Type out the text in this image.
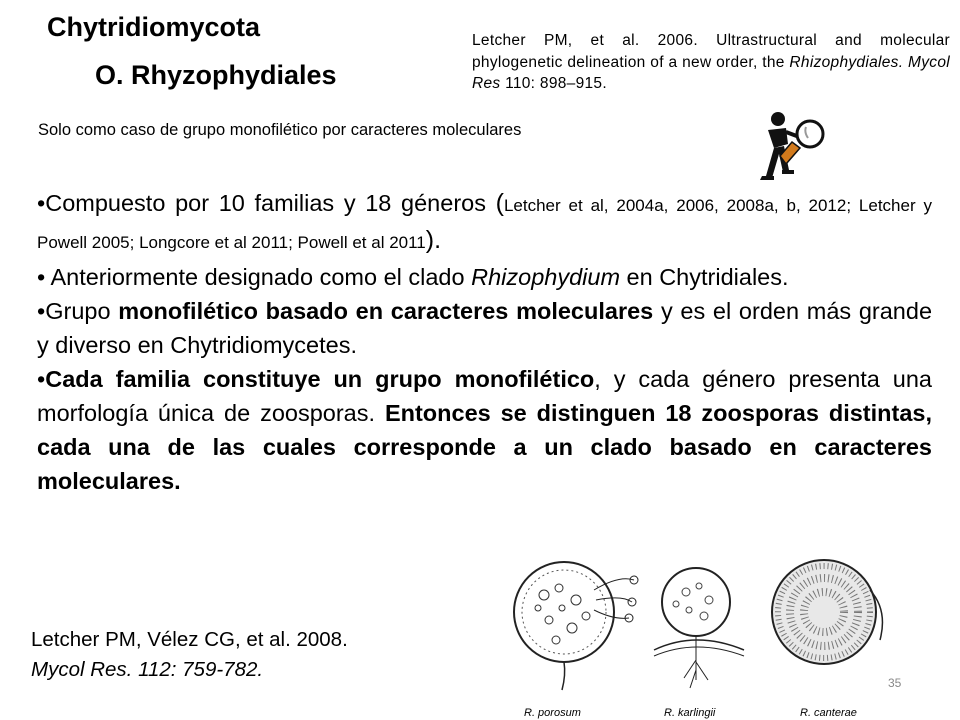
Chytridiomycota
O. Rhyzophydiales
Letcher PM, et al. 2006. Ultrastructural and molecular phylogenetic delineation of a new order, the Rhizophydiales. Mycol Res 110: 898–915.
Solo como caso de grupo monofilético por caracteres moleculares

•Compuesto por 10 familias y 18 géneros (Letcher et al, 2004a, 2006, 2008a, b, 2012; Letcher y Powell 2005; Longcore et al 2011; Powell et al 2011).

• Anteriormente designado como el clado Rhizophydium en Chytridiales.

•Grupo monofilético basado en caracteres moleculares y es el orden más grande y diverso en Chytridiomycetes.

•Cada familia constituye un grupo monofilético, y cada género presenta una morfología única de zoosporas. Entonces se distinguen 18 zoosporas distintas, cada una de las cuales corresponde a un clado basado en caracteres moleculares.

Letcher PM, Vélez CG, et al. 2008.
Mycol Res. 112: 759-782.
R. porosum	R. karlingii	R. canterae
35
